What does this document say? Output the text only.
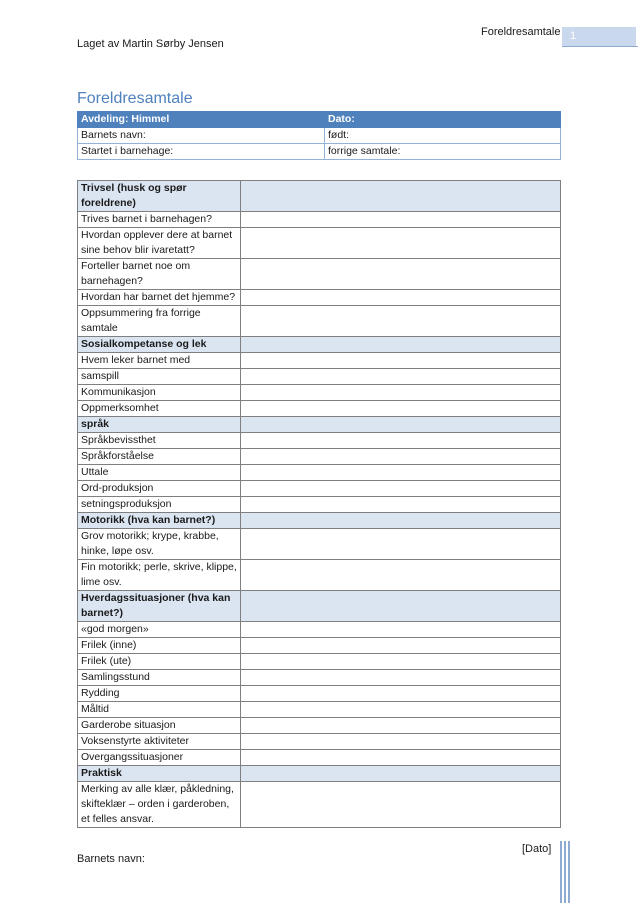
Laget av Martin Sørby Jensen
Foreldresamtale 1
Foreldresamtale
Avdeling: Himmel	Dato:
Barnets navn:	født:
Startet i barnehage:	forrige samtale:
Trivsel (husk og spør foreldrene)	
Trives barnet i barnehagen?	
Hvordan opplever dere at barnet sine behov blir ivaretatt?	
Forteller barnet noe om barnehagen?	
Hvordan har barnet det hjemme?	
Oppsummering fra forrige samtale	
Sosialkompetanse og lek	
Hvem leker barnet med	
samspill	
Kommunikasjon	
Oppmerksomhet	
språk	
Språkbevissthet	
Språkforståelse	
Uttale	
Ord-produksjon	
setningsproduksjon	
Motorikk (hva kan barnet?)	
Grov motorikk; krype, krabbe, hinke, løpe osv.	
Fin motorikk; perle, skrive, klippe, lime osv.	
Hverdagssituasjoner (hva kan barnet?)	
«god morgen»	
Frilek (inne)	
Frilek (ute)	
Samlingsstund	
Rydding	
Måltid	
Garderobe situasjon	
Voksenstyrte aktiviteter	
Overgangssituasjoner	
Praktisk	
Merking av alle klær, påkledning, skifteklær – orden i garderoben, et felles ansvar.	
Barnets navn:
[Dato]
